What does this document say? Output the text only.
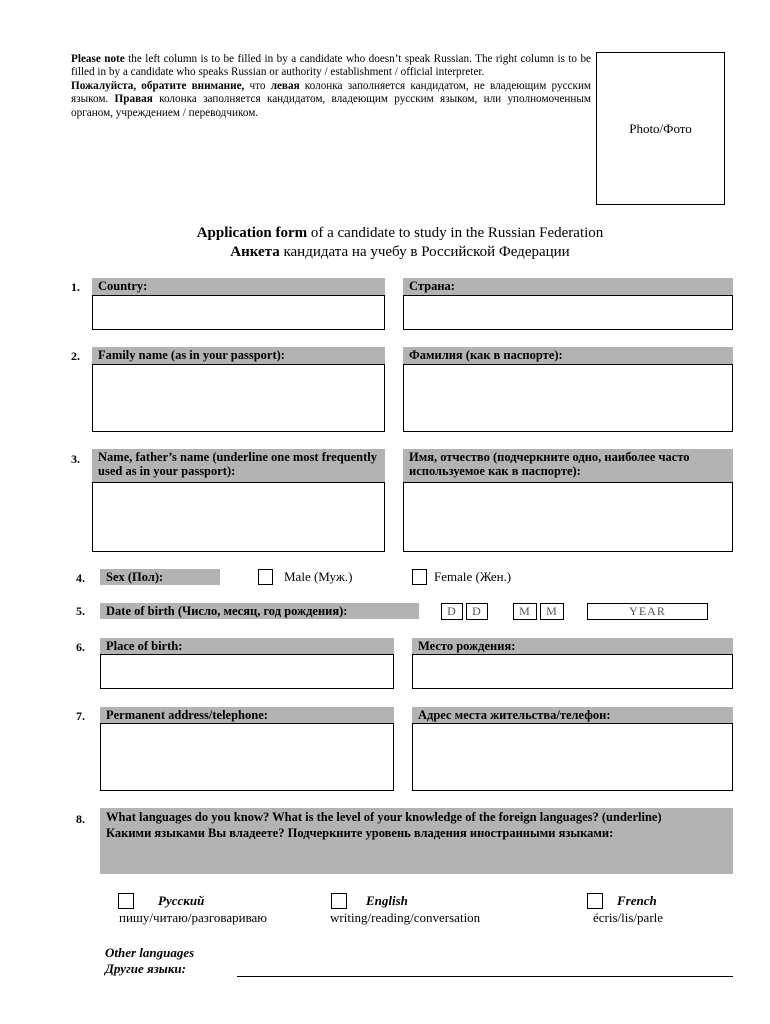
Please note the left column is to be filled in by a candidate who doesn’t speak Russian. The right column is to be filled in by a candidate who speaks Russian or authority / establishment / official interpreter.

Пожалуйста, обратите внимание, что левая колонка заполняется кандидатом, не владеющим русским языком. Правая колонка заполняется кандидатом, владеющим русским языком, или уполномоченным органом, учреждением / переводчиком.

Photo/Фото
Application form of a candidate to study in the Russian Federation
Анкета кандидата на учебу в Российской Федерации
1.	Country:	Страна:
2.	Family name (as in your passport):	Фамилия (как в паспорте):
3.	Name, father’s name (underline one most frequently used as in your passport):
Имя, отчество (подчеркните одно, наиболее часто используемое как в паспорте):
4.	Sex (Пол):	Male (Муж.)	Female (Жен.)
5.	Date of birth (Число, месяц, год рождения):	D	D	M	M	YEAR
6.	Place of birth:	Место рождения:
7.	Permanent address/telephone:	Адрес места жительства/телефон:
8. What languages do you know? What is the level of your knowledge of the foreign languages? (underline)
Какими языками Вы владеете? Подчеркните уровень владения иностранными языками:
Русский
пишу/читаю/разговариваю
English
writing/reading/conversation
French
écris/lis/parle
Other languages
Другие языки:
